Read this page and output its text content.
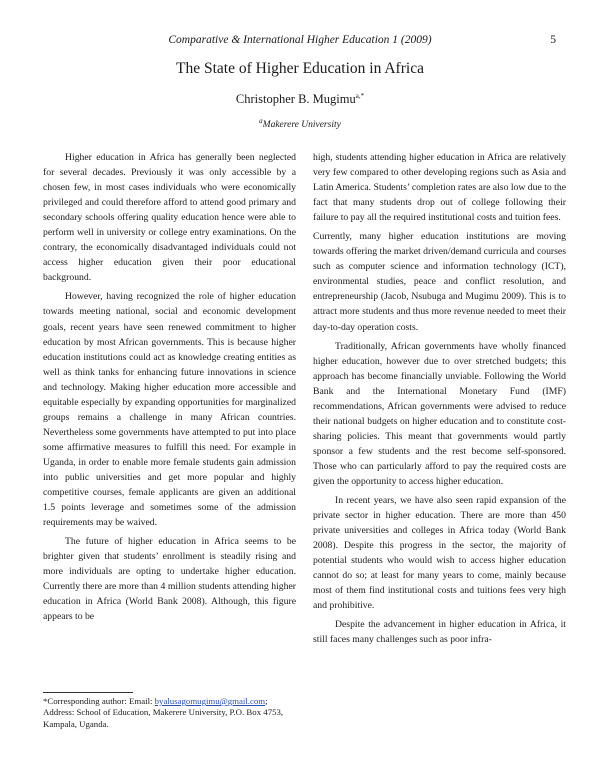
Comparative & International Higher Education 1 (2009)	5
The State of Higher Education in Africa
Christopher B. Mugimu$^{a,*}$
$^a$Makerere University

Higher education in Africa has generally been neglected for several decades. Previously it was only accessible by a chosen few, in most cases individuals who were economically privileged and could therefore afford to attend good primary and secondary schools offering quality education hence were able to perform well in university or college entry examinations. On the contrary, the economically disadvantaged individuals could not access higher education given their poor educational background.

However, having recognized the role of higher education towards meeting national, social and economic development goals, recent years have seen renewed commitment to higher education by most African governments. This is because higher education institutions could act as knowledge creating entities as well as think tanks for enhancing future innovations in science and technology. Making higher education more accessible and equitable especially by expanding opportunities for marginalized groups remains a challenge in many African countries. Nevertheless some governments have attempted to put into place some affirmative measures to fulfill this need. For example in Uganda, in order to enable more female students gain admission into public universities and get more popular and highly competitive courses, female applicants are given an additional 1.5 points leverage and sometimes some of the admission requirements may be waived.

The future of higher education in Africa seems to be brighter given that students’ enrollment is steadily rising and more individuals are opting to undertake higher education. Currently there are more than 4 million students attending higher education in Africa (World Bank 2008). Although, this figure appears to be

high, students attending higher education in Africa are relatively very few compared to other developing regions such as Asia and Latin America. Students’ completion rates are also low due to the fact that many students drop out of college following their failure to pay all the required institutional costs and tuition fees.

Currently, many higher education institutions are moving towards offering the market driven/demand curricula and courses such as computer science and information technology (ICT), environmental studies, peace and conflict resolution, and entrepreneurship (Jacob, Nsubuga and Mugimu 2009). This is to attract more students and thus more revenue needed to meet their day-to-day operation costs.

Traditionally, African governments have wholly financed higher education, however due to over stretched budgets; this approach has become financially unviable. Following the World Bank and the International Monetary Fund (IMF) recommendations, African governments were advised to reduce their national budgets on higher education and to constitute cost-sharing policies. This meant that governments would partly sponsor a few students and the rest become self-sponsored. Those who can particularly afford to pay the required costs are given the opportunity to access higher education.

In recent years, we have also seen rapid expansion of the private sector in higher education. There are more than 450 private universities and colleges in Africa today (World Bank 2008). Despite this progress in the sector, the majority of potential students who would wish to access higher education cannot do so; at least for many years to come, mainly because most of them find institutional costs and tuitions fees very high and prohibitive.

Despite the advancement in higher education in Africa, it still faces many challenges such as poor infra-

*Corresponding author: Email: byalusagomugimu@gmail.com;
Address: School of Education, Makerere University, P.O. Box 4753, Kampala, Uganda.
